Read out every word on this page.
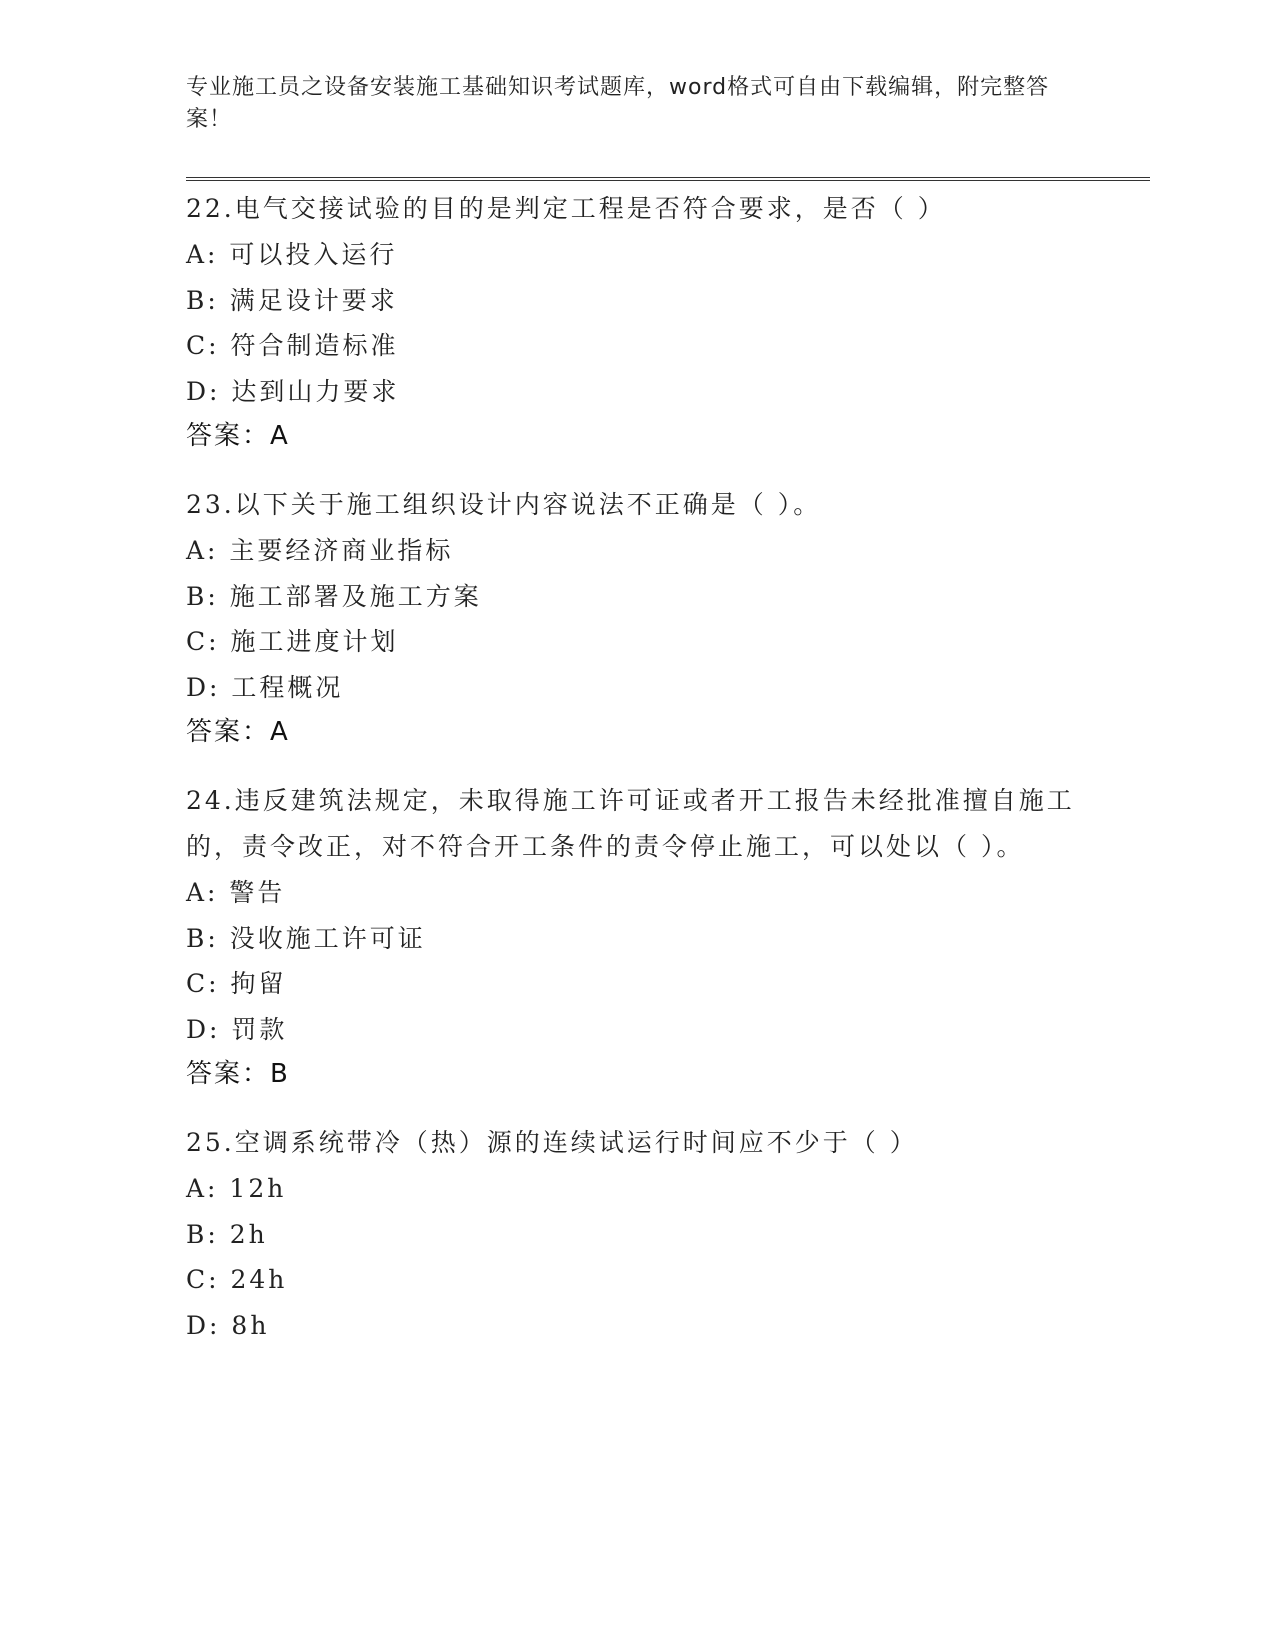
专业施工员之设备安装施工基础知识考试题库，word格式可自由下载编辑，附完整答案！

22.电气交接试验的目的是判定工程是否符合要求，是否（ ）

A: 可以投入运行

B: 满足设计要求

C: 符合制造标准

D: 达到山力要求

答案：A

23.以下关于施工组织设计内容说法不正确是（ ）。

A: 主要经济商业指标

B: 施工部署及施工方案

C: 施工进度计划

D: 工程概况

答案：A

24.违反建筑法规定，未取得施工许可证或者开工报告未经批准擅自施工的，责令改正，对不符合开工条件的责令停止施工，可以处以（ ）。

A: 警告

B: 没收施工许可证

C: 拘留

D: 罚款

答案：B

25.空调系统带冷（热）源的连续试运行时间应不少于（ ）

A: 12h

B: 2h

C: 24h

D: 8h
